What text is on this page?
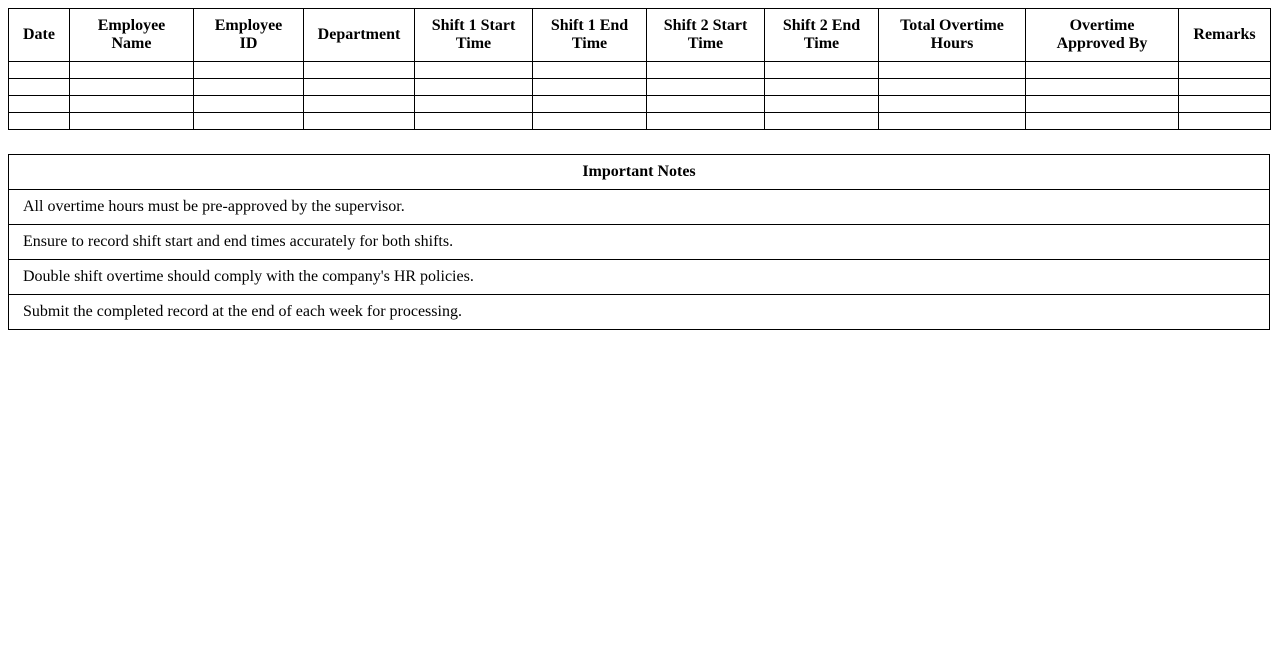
Date	Employee Name	Employee ID	Department	Shift 1 Start Time	Shift 1 End Time	Shift 2 Start Time	Shift 2 End Time	Total Overtime Hours	Overtime Approved By	Remarks

Important Notes
All overtime hours must be pre-approved by the supervisor.
Ensure to record shift start and end times accurately for both shifts.
Double shift overtime should comply with the company's HR policies.
Submit the completed record at the end of each week for processing.
